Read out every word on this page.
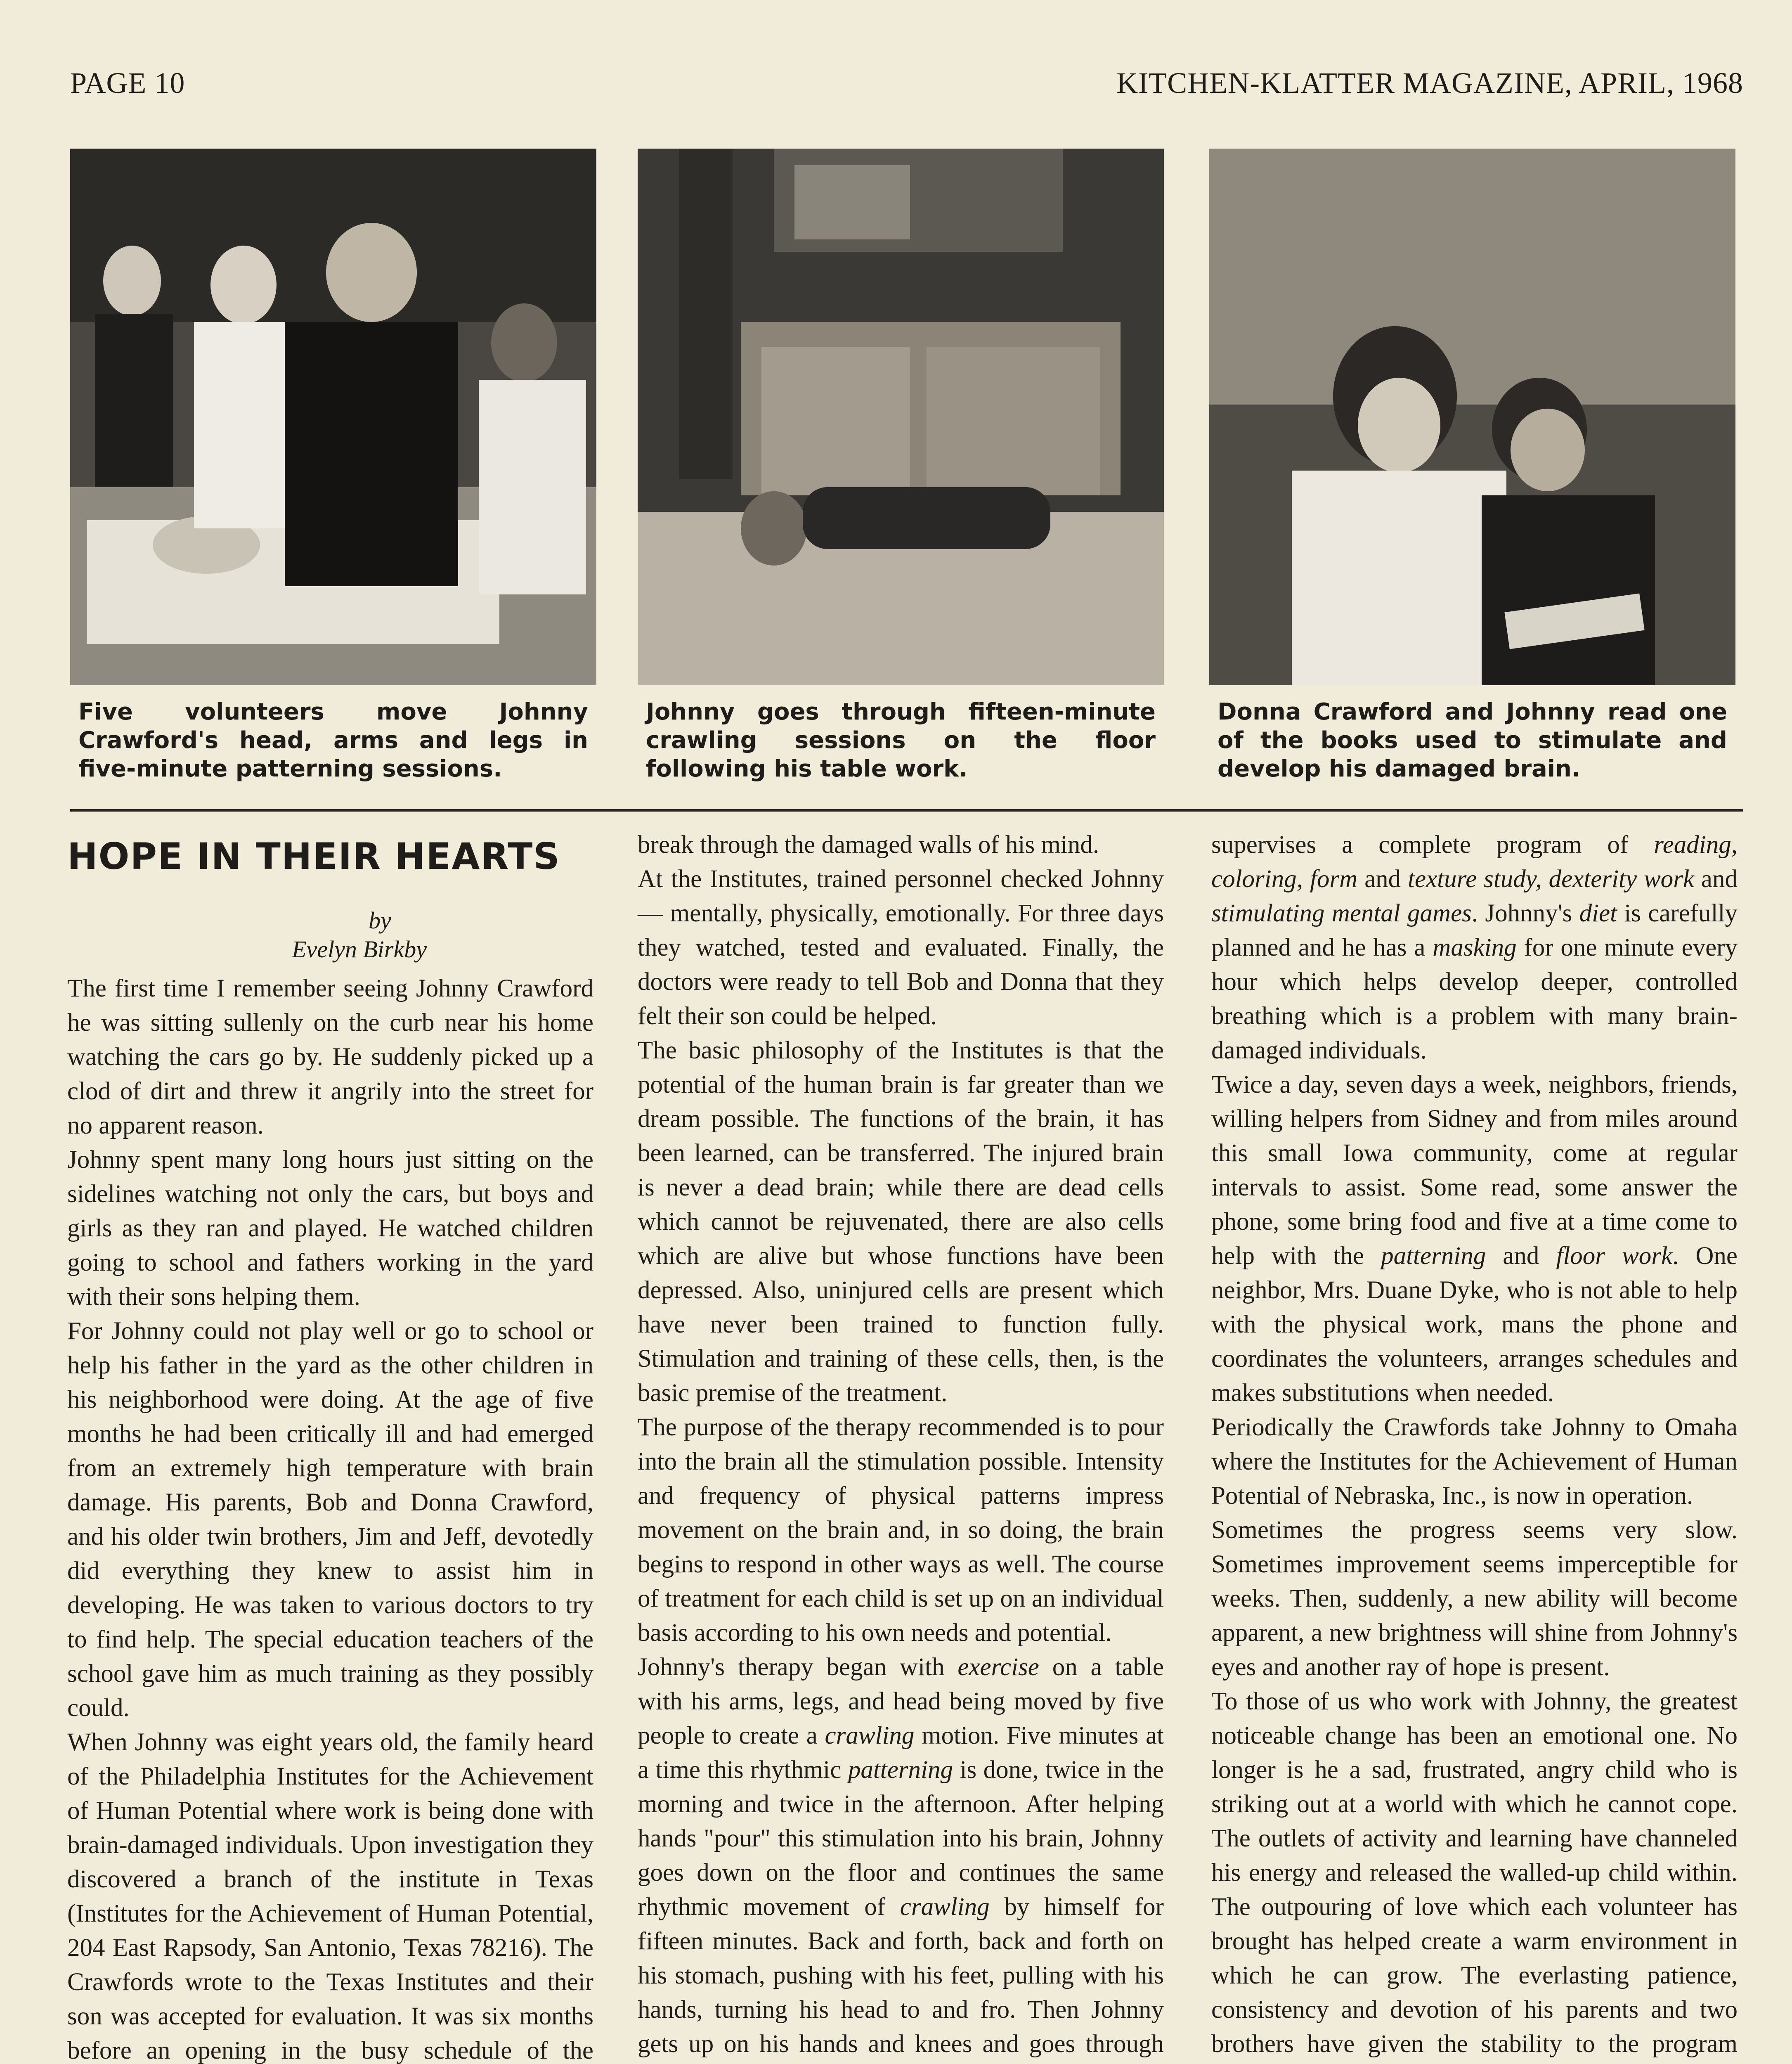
PAGE 10	KITCHEN-KLATTER MAGAZINE, APRIL, 1968
Five volunteers move Johnny Crawford's head, arms and legs in five-minute patterning sessions.
Johnny goes through fifteen-minute crawling sessions on the floor following his table work.
Donna Crawford and Johnny read one of the books used to stimulate and develop his damaged brain.
HOPE IN THEIR HEARTS
by
Evelyn Birkby

The first time I remember seeing Johnny Crawford he was sitting sullenly on the curb near his home watching the cars go by. He suddenly picked up a clod of dirt and threw it angrily into the street for no apparent reason.

Johnny spent many long hours just sitting on the sidelines watching not only the cars, but boys and girls as they ran and played. He watched children going to school and fathers working in the yard with their sons helping them.

For Johnny could not play well or go to school or help his father in the yard as the other children in his neighborhood were doing. At the age of five months he had been critically ill and had emerged from an extremely high temperature with brain damage. His parents, Bob and Donna Crawford, and his older twin brothers, Jim and Jeff, devotedly did everything they knew to assist him in developing. He was taken to various doctors to try to find help. The special education teachers of the school gave him as much training as they possibly could.

When Johnny was eight years old, the family heard of the Philadelphia Institutes for the Achievement of Human Potential where work is being done with brain-damaged individuals. Upon investigation they discovered a branch of the institute in Texas (Institutes for the Achievement of Human Potential, 204 East Rapsody, San Antonio, Texas 78216). The Crawfords wrote to the Texas Institutes and their son was accepted for evaluation. It was six months before an opening in the busy schedule of the

break through the damaged walls of his mind.

At the Institutes, trained personnel checked Johnny — mentally, physically, emotionally. For three days they watched, tested and evaluated. Finally, the doctors were ready to tell Bob and Donna that they felt their son could be helped.

The basic philosophy of the Institutes is that the potential of the human brain is far greater than we dream possible. The functions of the brain, it has been learned, can be transferred. The injured brain is never a dead brain; while there are dead cells which cannot be rejuvenated, there are also cells which are alive but whose functions have been depressed. Also, uninjured cells are present which have never been trained to function fully. Stimulation and training of these cells, then, is the basic premise of the treatment.

The purpose of the therapy recommended is to pour into the brain all the stimulation possible. Intensity and frequency of physical patterns impress movement on the brain and, in so doing, the brain begins to respond in other ways as well. The course of treatment for each child is set up on an individual basis according to his own needs and potential.

Johnny's therapy began with exercise on a table with his arms, legs, and head being moved by five people to create a crawling motion. Five minutes at a time this rhythmic patterning is done, twice in the morning and twice in the afternoon. After helping hands "pour" this stimulation into his brain, Johnny goes down on the floor and continues the same rhythmic movement of crawling by himself for fifteen minutes. Back and forth, back and forth on his stomach, pushing with his feet, pulling with his hands, turning his head to and fro. Then Johnny gets up on his hands and knees and goes through

supervises a complete program of reading, coloring, form and texture study, dexterity work and stimulating mental games. Johnny's diet is carefully planned and he has a masking for one minute every hour which helps develop deeper, controlled breathing which is a problem with many brain-damaged individuals.

Twice a day, seven days a week, neighbors, friends, willing helpers from Sidney and from miles around this small Iowa community, come at regular intervals to assist. Some read, some answer the phone, some bring food and five at a time come to help with the patterning and floor work. One neighbor, Mrs. Duane Dyke, who is not able to help with the physical work, mans the phone and coordinates the volunteers, arranges schedules and makes substitutions when needed.

Periodically the Crawfords take Johnny to Omaha where the Institutes for the Achievement of Human Potential of Nebraska, Inc., is now in operation.

Sometimes the progress seems very slow. Sometimes improvement seems imperceptible for weeks. Then, suddenly, a new ability will become apparent, a new brightness will shine from Johnny's eyes and another ray of hope is present.

To those of us who work with Johnny, the greatest noticeable change has been an emotional one. No longer is he a sad, frustrated, angry child who is striking out at a world with which he cannot cope. The outlets of activity and learning have channeled his energy and released the walled-up child within. The outpouring of love which each volunteer has brought has helped create a warm environment in which he can grow. The everlasting patience, consistency and devotion of his parents and two brothers have given the stability to the program
